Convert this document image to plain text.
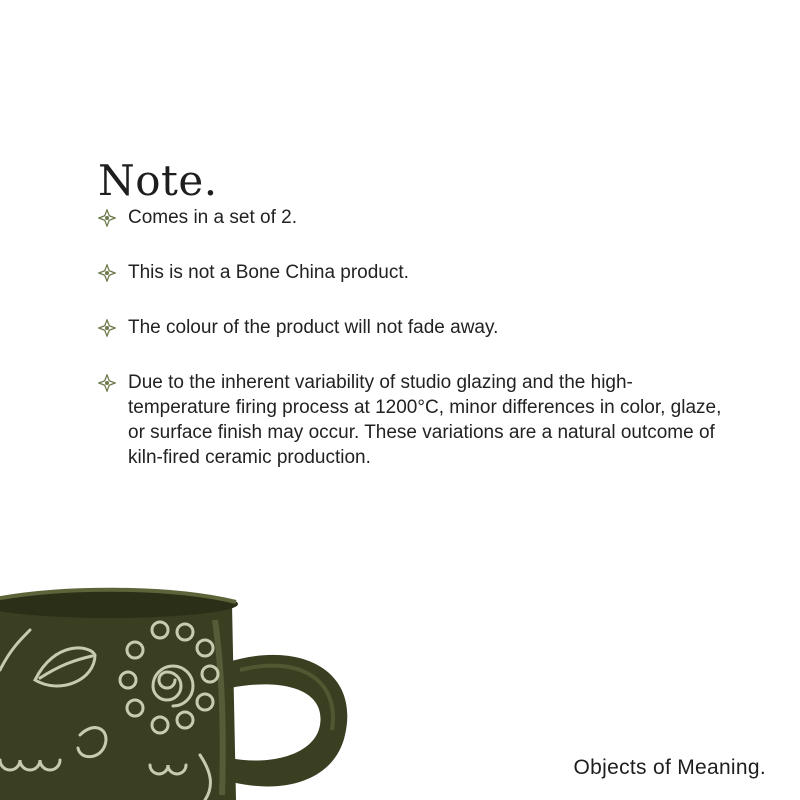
Note.
Comes in a set of 2.
This is not a Bone China product.
The colour of the product will not fade away.
Due to the inherent variability of studio glazing and the high-temperature firing process at 1200°C, minor differences in color, glaze, or surface finish may occur. These variations are a natural outcome of kiln-fired ceramic production.
Objects of Meaning.
